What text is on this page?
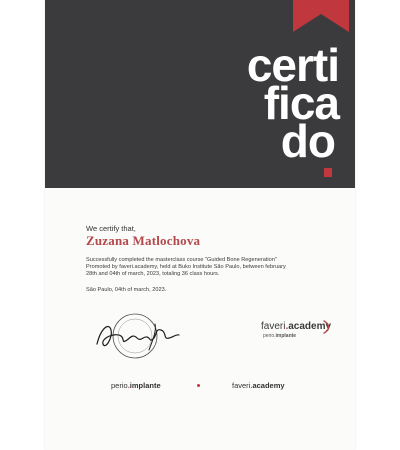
certi
fica
do
We certify that,
Zuzana Matlochova
Successfully completed the masterclass course "Guided Bone Regeneration"
Promoted by faveri.academy, held at Buko Institute São Paulo, between february
28th and 04th of march, 2023, totaling 36 class hours.
São Paulo, 04th of march, 2023.
faveri.academy
perio.implante
perio.implante	faveri.academy
